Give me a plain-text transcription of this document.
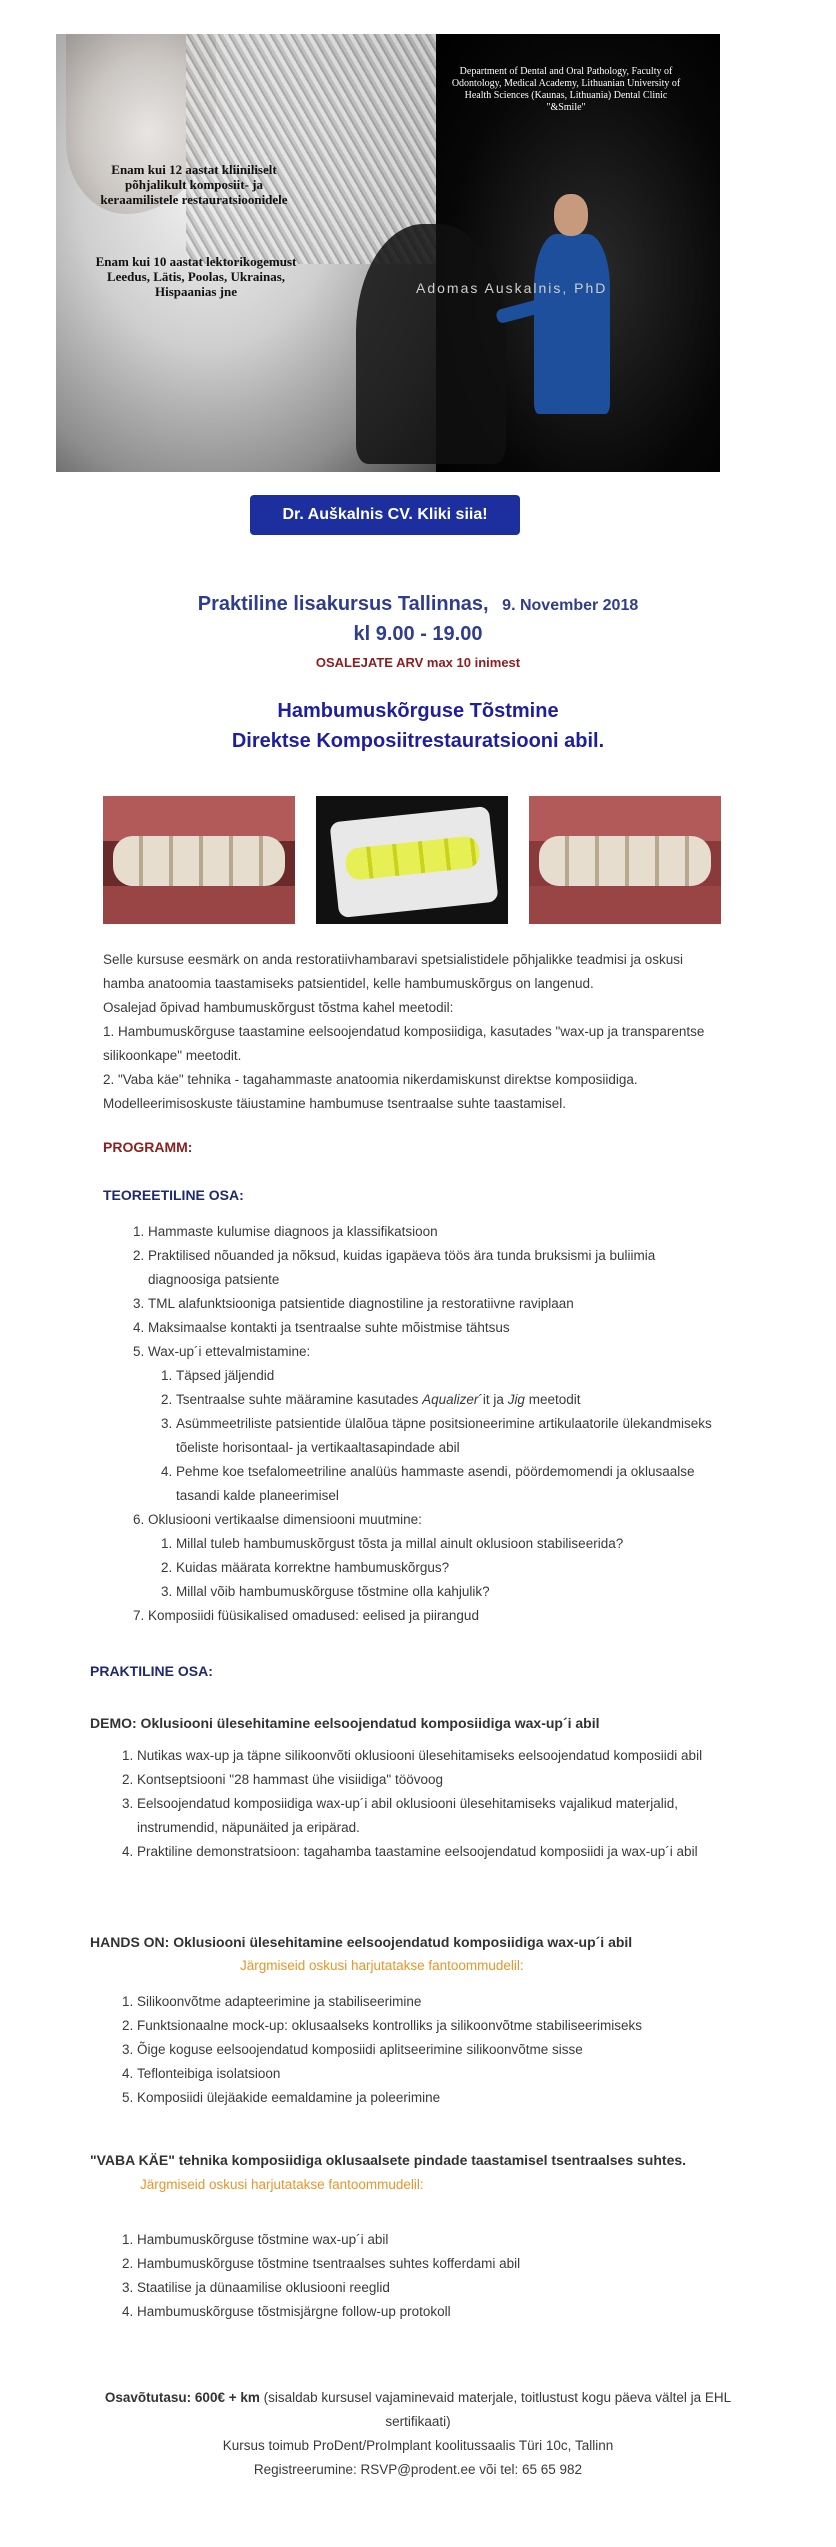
Enam kui 12 aastat kliiniliselt põhjalikult komposiit- ja keraamilistele restauratsioonidele
Enam kui 10 aastat lektorikogemust Leedus, Lätis, Poolas, Ukrainas, Hispaanias jne
Department of Dental and Oral Pathology, Faculty of Odontology, Medical Academy, Lithuanian University of Health Sciences (Kaunas, Lithuania) Dental Clinic "&Smile"
Adomas Auskalnis, PhD
Dr. Auškalnis CV. Kliki siia!
Praktiline lisakursus Tallinnas, 9. November 2018
kl 9.00 - 19.00
OSALEJATE ARV max 10 inimest
Hambumuskõrguse Tõstmine
Direktse Komposiitrestauratsiooni abil.
Selle kursuse eesmärk on anda restoratiivhambaravi spetsialistidele põhjalikke teadmisi ja oskusi hamba anatoomia taastamiseks patsientidel, kelle hambumuskõrgus on langenud.
Osalejad õpivad hambumuskõrgust tõstma kahel meetodil:
1. Hambumuskõrguse taastamine eelsoojendatud komposiidiga, kasutades "wax-up ja transparentse silikoonkape" meetodit.
2. "Vaba käe" tehnika - tagahammaste anatoomia nikerdamiskunst direktse komposiidiga. Modelleerimisoskuste täiustamine hambumuse tsentraalse suhte taastamisel.
PROGRAMM:
TEOREETILINE OSA:
1. Hammaste kulumise diagnoos ja klassifikatsioon
2. Praktilised nõuanded ja nõksud, kuidas igapäeva töös ära tunda bruksismi ja buliimia diagnoosiga patsiente
3. TML alafunktsiooniga patsientide diagnostiline ja restoratiivne raviplaan
4. Maksimaalse kontakti ja tsentraalse suhte mõistmise tähtsus
5. Wax-up´i ettevalmistamine:
1. Täpsed jäljendid
2. Tsentraalse suhte määramine kasutades Aqualizer´it ja Jig meetodit
3. Asümmeetriliste patsientide ülalõua täpne positsioneerimine artikulaatorile ülekandmiseks tõeliste horisontaal- ja vertikaaltasapindade abil
4. Pehme koe tsefalomeetriline analüüs hammaste asendi, pöördemomendi ja oklusaalse tasandi kalde planeerimisel
6. Oklusiooni vertikaalse dimensiooni muutmine:
1. Millal tuleb hambumuskõrgust tõsta ja millal ainult oklusioon stabiliseerida?
2. Kuidas määrata korrektne hambumuskõrgus?
3. Millal võib hambumuskõrguse tõstmine olla kahjulik?
7. Komposiidi füüsikalised omadused: eelised ja piirangud
PRAKTILINE OSA:
DEMO: Oklusiooni ülesehitamine eelsoojendatud komposiidiga wax-up´i abil
1. Nutikas wax-up ja täpne silikoonvõti oklusiooni ülesehitamiseks eelsoojendatud komposiidi abil
2. Kontseptsiooni "28 hammast ühe visiidiga" töövoog
3. Eelsoojendatud komposiidiga wax-up´i abil oklusiooni ülesehitamiseks vajalikud materjalid, instrumendid, näpunäited ja eripärad.
4. Praktiline demonstratsioon: tagahamba taastamine eelsoojendatud komposiidi ja wax-up´i abil
HANDS ON: Oklusiooni ülesehitamine eelsoojendatud komposiidiga wax-up´i abil
Järgmiseid oskusi harjutatakse fantoommudelil:
1. Silikoonvõtme adapteerimine ja stabiliseerimine
2. Funktsionaalne mock-up: oklusaalseks kontrolliks ja silikoonvõtme stabiliseerimiseks
3. Õige koguse eelsoojendatud komposiidi aplitseerimine silikoonvõtme sisse
4. Teflonteibiga isolatsioon
5. Komposiidi ülejäakide eemaldamine ja poleerimine
"VABA KÄE" tehnika komposiidiga oklusaalsete pindade taastamisel tsentraalses suhtes. Järgmiseid oskusi harjutatakse fantoommudelil:
1. Hambumuskõrguse tõstmine wax-up´i abil
2. Hambumuskõrguse tõstmine tsentraalses suhtes kofferdami abil
3. Staatilise ja dünaamilise oklusiooni reeglid
4. Hambumuskõrguse tõstmisjärgne follow-up protokoll
Osavõtutasu: 600€ + km (sisaldab kursusel vajaminevaid materjale, toitlustust kogu päeva vältel ja EHL sertifikaati)
Kursus toimub ProDent/ProImplant koolitussaalis Türi 10c, Tallinn
Registreerumine: RSVP@prodent.ee või tel: 65 65 982
